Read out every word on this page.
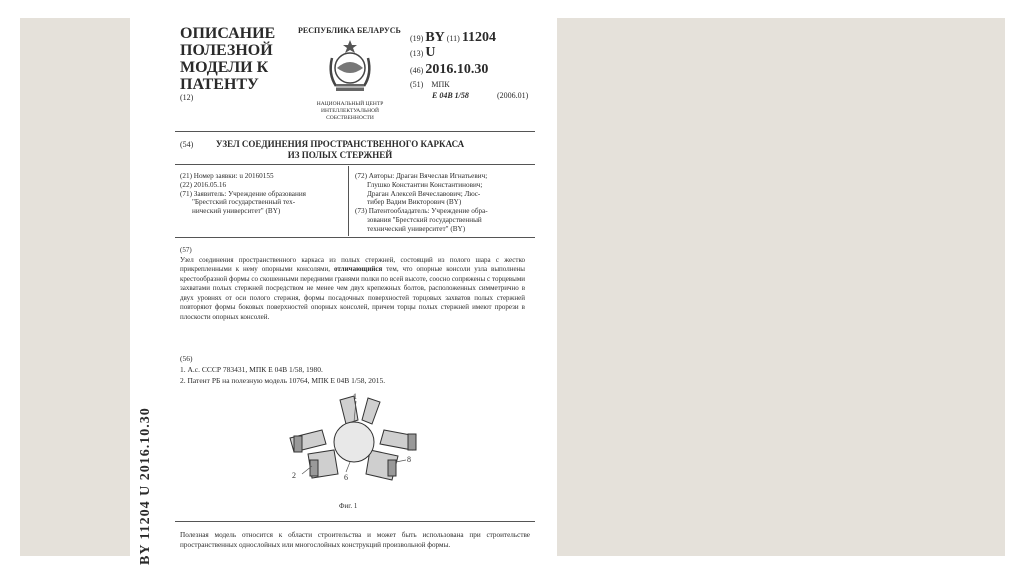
BY 11204 U 2016.10.30
ОПИСАНИЕ ПОЛЕЗНОЙ МОДЕЛИ К ПАТЕНТУ
(12)
РЕСПУБЛИКА БЕЛАРУСЬ
НАЦИОНАЛЬНЫЙ ЦЕНТР ИНТЕЛЛЕКТУАЛЬНОЙ СОБСТВЕННОСТИ
(19) BY (11) 11204
(13) U
(46) 2016.10.30
(51) МПК
E 04B 1/58	(2006.01)
(54)	УЗЕЛ СОЕДИНЕНИЯ ПРОСТРАНСТВЕННОГО КАРКАСА ИЗ ПОЛЫХ СТЕРЖНЕЙ
(21) Номер заявки: u 20160155
(22) 2016.05.16
(71) Заявитель: Учреждение образования
"Брестский государственный тех-
нический университет" (BY)
(72) Авторы: Драган Вячеслав Игнатьевич;
Глушко Константин Константинович;
Драган Алексей Вячеславович; Люс-
тибер Вадим Викторович (BY)
(73) Патентообладатель: Учреждение обра-
зования "Брестский государственный
технический университет" (BY)
(57)
Узел соединения пространственного каркаса из полых стержней, состоящий из полого шара с жестко прикрепленными к нему опорными консолями, отличающийся тем, что опорные консоли узла выполнены крестообразной формы со скошенными передними гранями полки по всей высоте, соосно сопряжены с торцевыми захватами полых стержней посредством не менее чем двух крепежных болтов, расположенных симметрично в двух уровнях от оси полого стержня, формы посадочных поверхностей торцовых захватов полых стержней повторяют формы боковых поверхностей опорных консолей, причем торцы полых стержней имеют прорези в плоскости опорных консолей.
(56)
1. А.с. СССР 783431, МПК Е 04В 1/58, 1980.
2. Патент РБ на полезную модель 10764, МПК Е 04В 1/58, 2015.
1
2	6
8
Фиг. 1
Полезная модель относится к области строительства и может быть использована при строительстве пространственных однослойных или многослойных конструкций произвольной формы.
